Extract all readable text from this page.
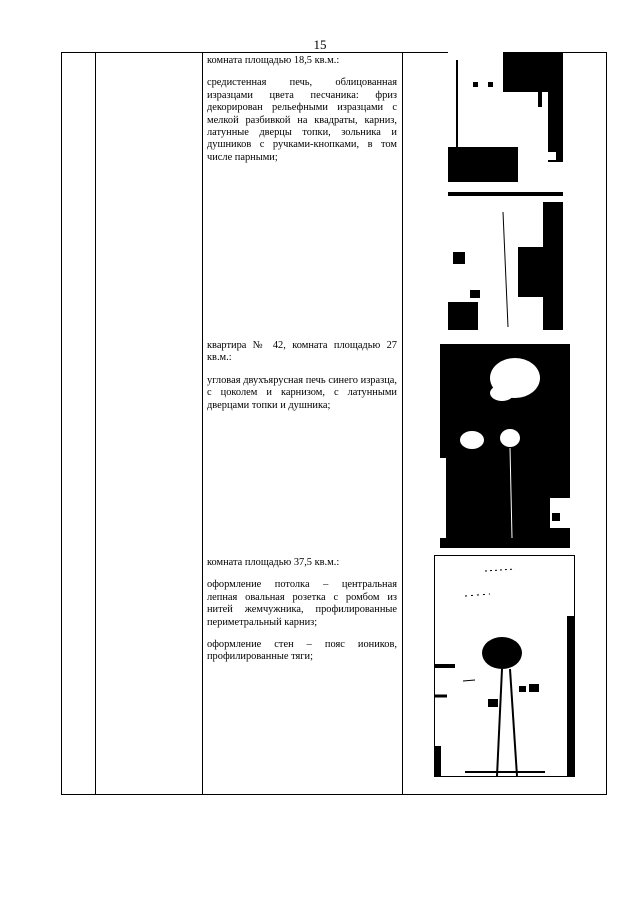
15

комната площадью 18,5 кв.м.:

средистенная печь, облицованная изразцами цвета песчаника: фриз декорирован рельефными изразцами с мелкой разбивкой на квадраты, карниз, латунные дверцы топки, зольника и душников с ручками-кнопками, в том числе парными;

квартира № 42, комната площадью 27 кв.м.:

угловая двухъярусная печь синего изразца, с цоколем и карнизом, с латунными дверцами топки и душника;

комната площадью 37,5 кв.м.:

оформление потолка – центральная лепная овальная розетка с ромбом из нитей жемчужника, профилированные периметральный карниз;

оформление стен – пояс иоников, профилированные тяги;
